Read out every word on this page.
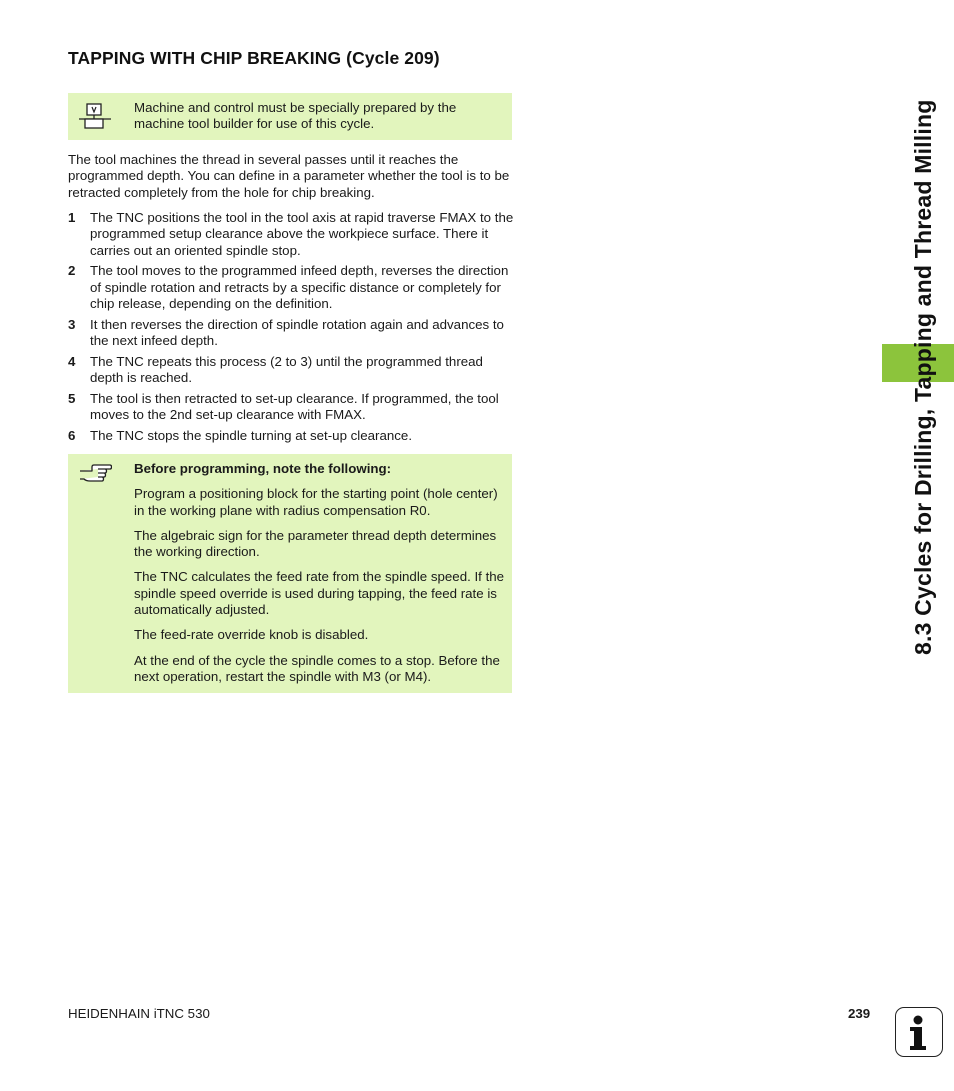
TAPPING WITH CHIP BREAKING (Cycle 209)
Machine and control must be specially prepared by the machine tool builder for use of this cycle.
The tool machines the thread in several passes until it reaches the programmed depth. You can define in a parameter whether the tool is to be retracted completely from the hole for chip breaking.
1 The TNC positions the tool in the tool axis at rapid traverse FMAX to the programmed setup clearance above the workpiece surface. There it carries out an oriented spindle stop.
2 The tool moves to the programmed infeed depth, reverses the direction of spindle rotation and retracts by a specific distance or completely for chip release, depending on the definition.
3 It then reverses the direction of spindle rotation again and advances to the next infeed depth.
4 The TNC repeats this process (2 to 3) until the programmed thread depth is reached.
5 The tool is then retracted to set-up clearance. If programmed, the tool moves to the 2nd set-up clearance with FMAX.
6 The TNC stops the spindle turning at set-up clearance.
Before programming, note the following:
Program a positioning block for the starting point (hole center) in the working plane with radius compensation R0.
The algebraic sign for the parameter thread depth determines the working direction.
The TNC calculates the feed rate from the spindle speed. If the spindle speed override is used during tapping, the feed rate is automatically adjusted.
The feed-rate override knob is disabled.
At the end of the cycle the spindle comes to a stop. Before the next operation, restart the spindle with M3 (or M4).
8.3 Cycles for Drilling, Tapping and Thread Milling
HEIDENHAIN iTNC 530	239
